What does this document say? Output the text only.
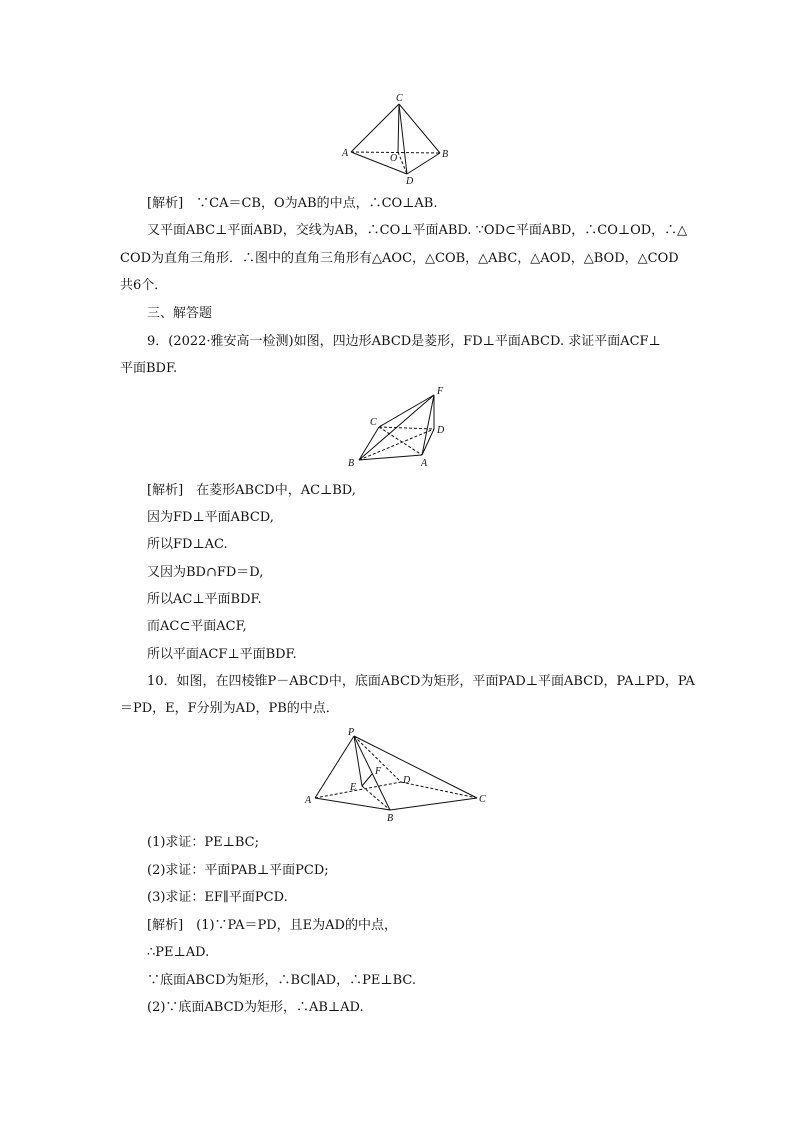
C
A	B
O
D
[解析]　∵CA＝CB，O为AB的中点，∴CO⊥AB.
又平面ABC⊥平面ABD，交线为AB，∴CO⊥平面ABD. ∵OD⊂平面ABD，∴CO⊥OD，∴△
COD为直角三角形．∴图中的直角三角形有△AOC，△COB，△ABC，△AOD，△BOD，△COD
共6个．
三、解答题
9．(2022·雅安高一检测)如图，四边形ABCD是菱形，FD⊥平面ABCD. 求证平面ACF⊥
平面BDF.
F
C
D
B	A
[解析]　在菱形ABCD中，AC⊥BD,
因为FD⊥平面ABCD,
所以FD⊥AC.
又因为BD∩FD＝D,
所以AC⊥平面BDF.
而AC⊂平面ACF,
所以平面ACF⊥平面BDF.
10．如图，在四棱锥P－ABCD中，底面ABCD为矩形，平面PAD⊥平面ABCD，PA⊥PD，PA
＝PD，E，F分别为AD，PB的中点．
P
F
D
E
A	C
B
(1)求证：PE⊥BC;
(2)求证：平面PAB⊥平面PCD;
(3)求证：EF∥平面PCD.
[解析]　(1)∵PA＝PD，且E为AD的中点，
∴PE⊥AD.
∵底面ABCD为矩形，∴BC∥AD，∴PE⊥BC.
(2)∵底面ABCD为矩形，∴AB⊥AD.
